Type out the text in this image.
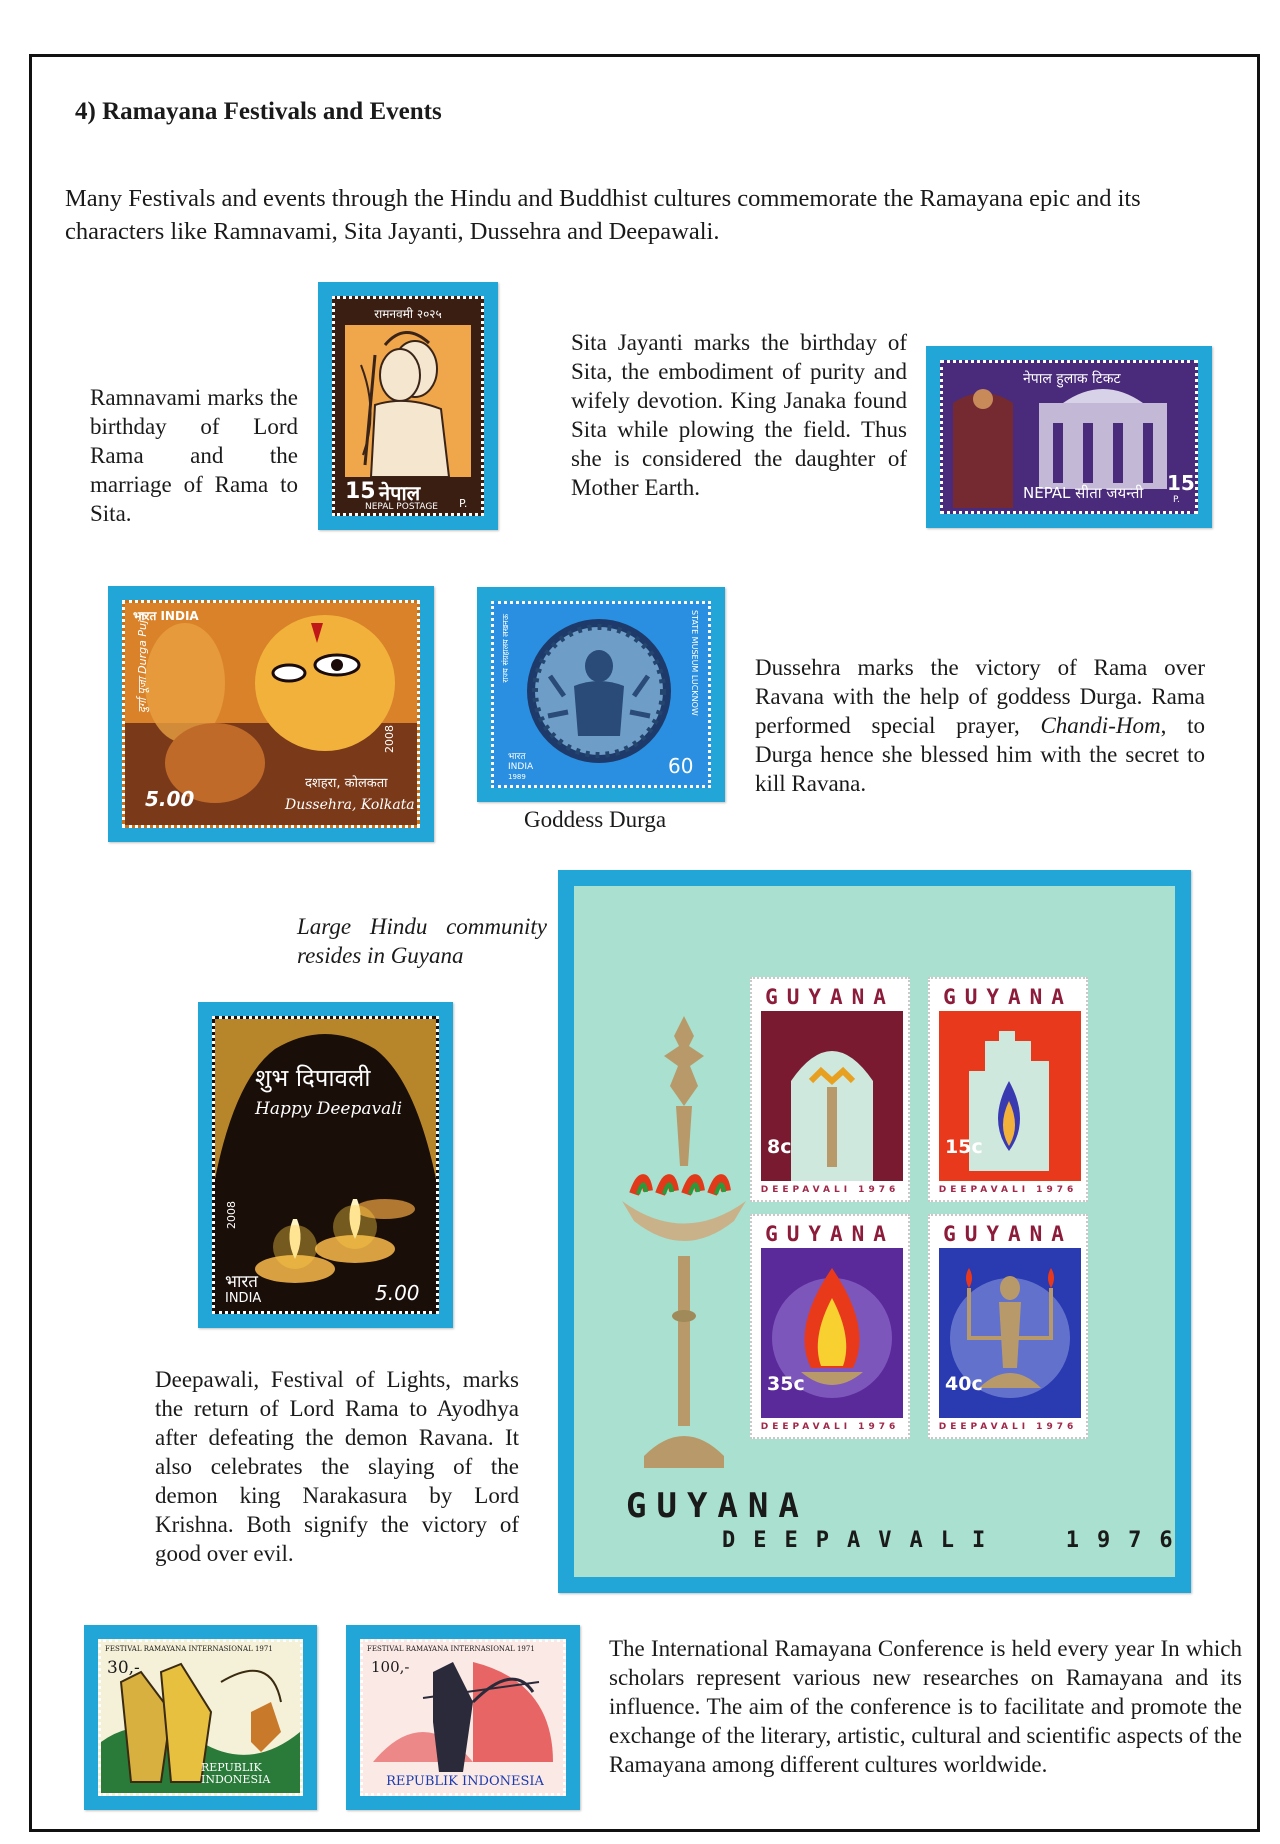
4) Ramayana Festivals and Events
Many Festivals and events through the Hindu and Buddhist cultures commemorate the Ramayana epic and its characters like Ramnavami, Sita Jayanti, Dussehra and Deepawali.
Ramnavami marks the birthday of Lord Rama and the marriage of Rama to Sita.
रामनवमी २०२५
15 नेपाल
NEPAL POSTAGE P.
Sita Jayanti marks the birthday of Sita, the embodiment of purity and wifely devotion. King Janaka found Sita while plowing the field. Thus she is considered the daughter of Mother Earth.
नेपाल हुलाक टिकट
NEPAL सीता जयन्ती 15
P.
भारत INDIA
दुर्गा पूजा Durga Puja
2008
दशहरा, कोलकता
Dussehra, Kolkata
5.00
STATE MUSEUM LUCKNOW
राज्य संग्रहालय लखनऊ
भारत INDIA
1989	60
Goddess Durga
Dussehra marks the victory of Rama over Ravana with the help of goddess Durga. Rama performed special prayer, Chandi-Hom, to Durga hence she blessed him with the secret to kill Ravana.
Large Hindu community resides in Guyana
शुभ दिपावली
Happy Deepavali
2008
भारत
INDIA	5.00
Deepawali, Festival of Lights, marks the return of Lord Rama to Ayodhya after defeating the demon Ravana. It also celebrates the slaying of the demon king Narakasura by Lord Krishna. Both signify the victory of good over evil.
GUYANA
8c
DEEPAVALI 1976
GUYANA
15c
DEEPAVALI 1976
GUYANA
35c
DEEPAVALI 1976
GUYANA
40c
DEEPAVALI 1976
GUYANA
DEEPAVALI  1976
FESTIVAL RAMAYANA INTERNASIONAL 1971
30,-
REPUBLIK INDONESIA
FESTIVAL RAMAYANA INTERNASIONAL 1971
100,-
REPUBLIK INDONESIA
The International Ramayana Conference is held every year In which scholars represent various new researches on Ramayana and its influence. The aim of the conference is to facilitate and promote the exchange of the literary, artistic, cultural and scientific aspects of the Ramayana among different cultures worldwide.
